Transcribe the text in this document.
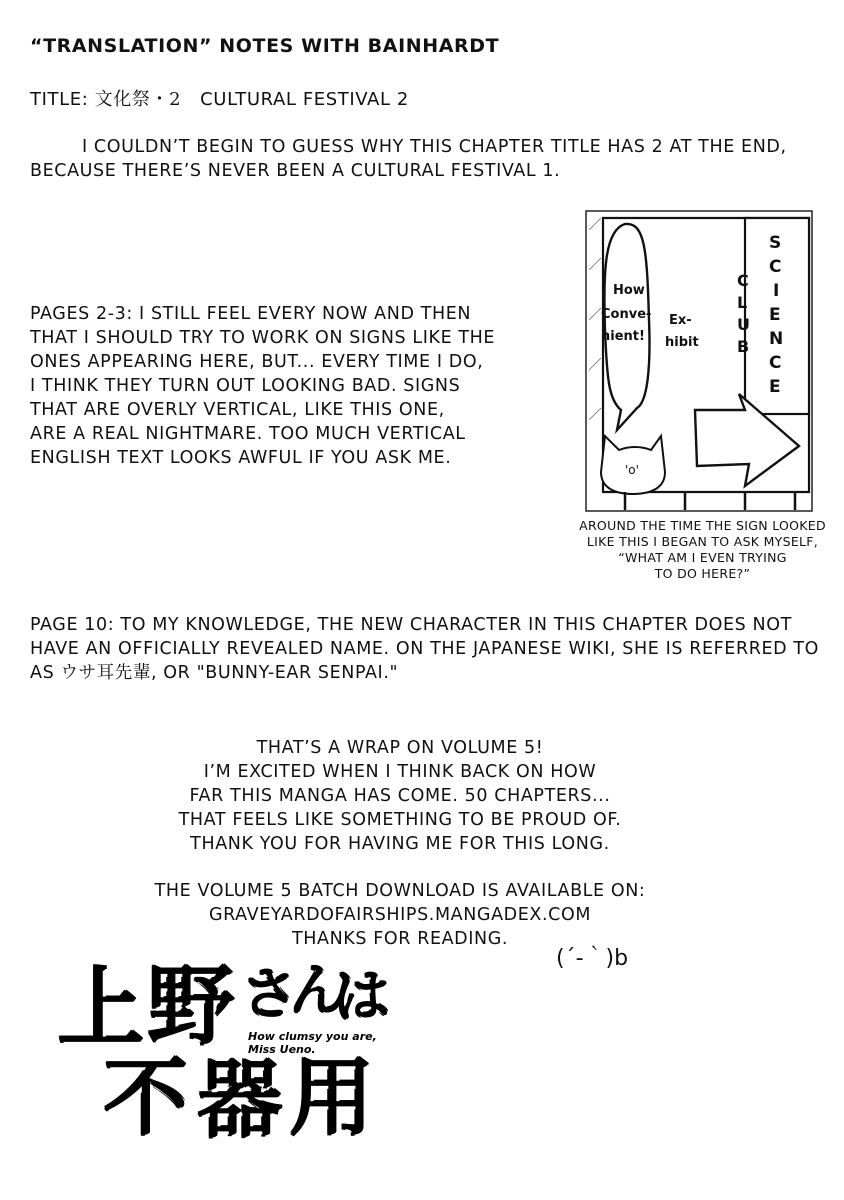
“TRANSLATION” NOTES WITH BAINHARDT

TITLE: 文化祭・2 CULTURAL FESTIVAL 2

I COULDN’T BEGIN TO GUESS WHY THIS CHAPTER TITLE HAS 2 AT THE END, BECAUSE THERE’S NEVER BEEN A CULTURAL FESTIVAL 1.

PAGES 2-3: I STILL FEEL EVERY NOW AND THEN
THAT I SHOULD TRY TO WORK ON SIGNS LIKE THE
ONES APPEARING HERE, BUT... EVERY TIME I DO,
I THINK THEY TURN OUT LOOKING BAD. SIGNS
THAT ARE OVERLY VERTICAL, LIKE THIS ONE,
ARE A REAL NIGHTMARE. TOO MUCH VERTICAL
ENGLISH TEXT LOOKS AWFUL IF YOU ASK ME.

'o'
How
Conve-
nient!
Ex-
hibit
C
L
U
B
S
C
I
E
N
C
E

AROUND THE TIME THE SIGN LOOKED
LIKE THIS I BEGAN TO ASK MYSELF,
“WHAT AM I EVEN TRYING
TO DO HERE?”

PAGE 10: TO MY KNOWLEDGE, THE NEW CHARACTER IN THIS CHAPTER DOES NOT HAVE AN OFFICIALLY REVEALED NAME. ON THE JAPANESE WIKI, SHE IS REFERRED TO AS ウサ耳先輩, OR "BUNNY-EAR SENPAI."

THAT’S A WRAP ON VOLUME 5!
I’M EXCITED WHEN I THINK BACK ON HOW
FAR THIS MANGA HAS COME. 50 CHAPTERS...
THAT FEELS LIKE SOMETHING TO BE PROUD OF.
THANK YOU FOR HAVING ME FOR THIS LONG.

THE VOLUME 5 BATCH DOWNLOAD IS AVAILABLE ON:
GRAVEYARDOFAIRSHIPS.MANGADEX.COM
THANKS FOR READING.

(´-｀)b

上 野 さ
ん
は
How clumsy you are,
Miss Ueno.
不 器 用
